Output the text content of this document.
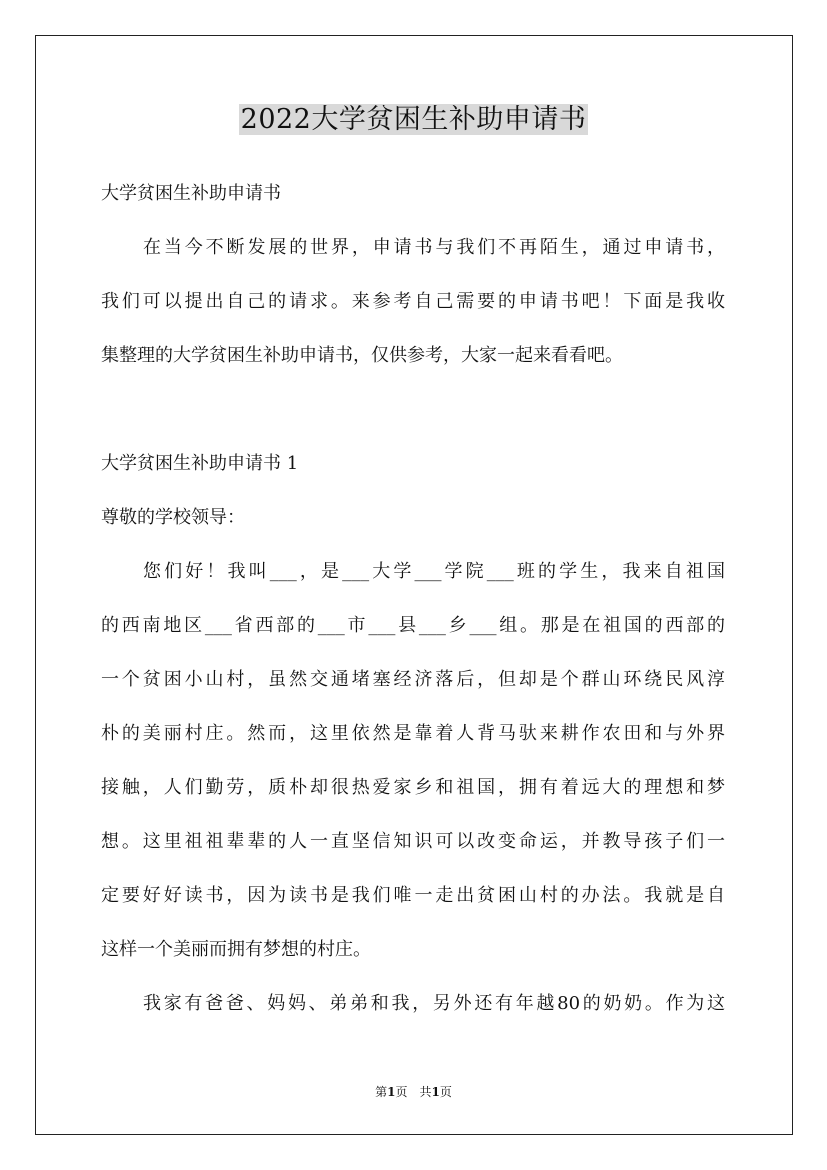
2022大学贫困生补助申请书
大学贫困生补助申请书
在当今不断发展的世界，申请书与我们不再陌生，通过申请书，
我们可以提出自己的请求。来参考自己需要的申请书吧！下面是我收
集整理的大学贫困生补助申请书，仅供参考，大家一起来看看吧。
大学贫困生补助申请书 1
尊敬的学校领导：
您们好！我叫___，是___大学___学院___班的学生，我来自祖国
的西南地区___省西部的___市___县___乡___组。那是在祖国的西部的
一个贫困小山村，虽然交通堵塞经济落后，但却是个群山环绕民风淳
朴的美丽村庄。然而，这里依然是靠着人背马驮来耕作农田和与外界
接触，人们勤劳，质朴却很热爱家乡和祖国，拥有着远大的理想和梦
想。这里祖祖辈辈的人一直坚信知识可以改变命运，并教导孩子们一
定要好好读书，因为读书是我们唯一走出贫困山村的办法。我就是自
这样一个美丽而拥有梦想的村庄。
我家有爸爸、妈妈、弟弟和我，另外还有年越80的奶奶。作为这
第1页　共1页
